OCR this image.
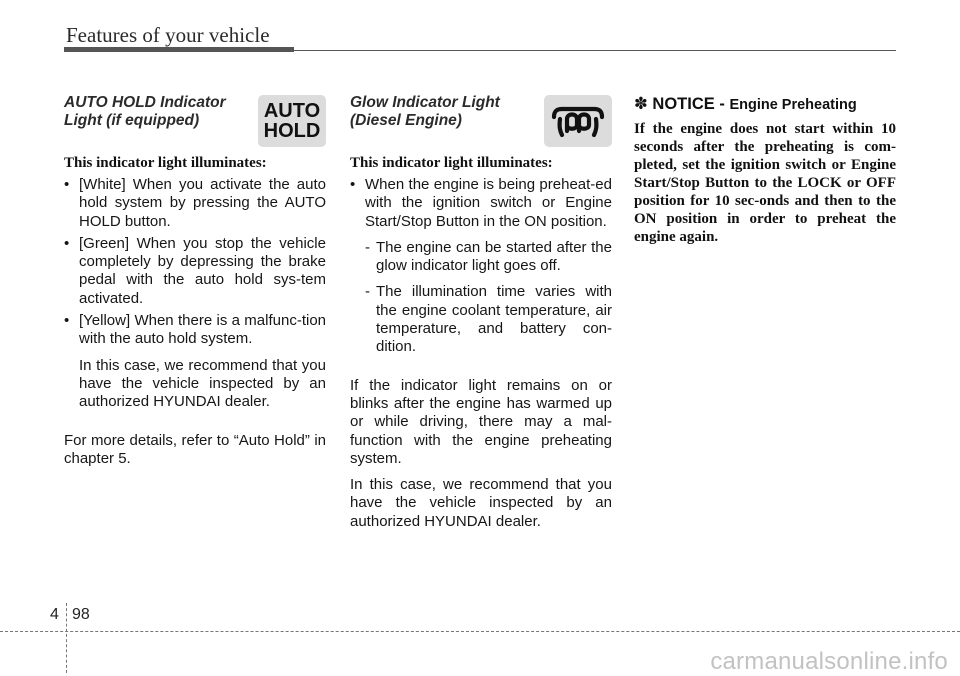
Features of your vehicle
AUTO HOLD Indicator Light (if equipped)	AUTO
HOLD
This indicator light illuminates:
• [White] When you activate the auto hold system by pressing the AUTO HOLD button.
• [Green] When you stop the vehicle completely by depressing the brake pedal with the auto hold sys-tem activated.
• [Yellow] When there is a malfunc-tion with the auto hold system.
In this case, we recommend that you have the vehicle inspected by an authorized HYUNDAI dealer.
For more details, refer to “Auto Hold” in chapter 5.
Glow Indicator Light (Diesel Engine)
This indicator light illuminates:
• When the engine is being preheat-ed with the ignition switch or Engine Start/Stop Button in the ON position.
- The engine can be started after the glow indicator light goes off.
- The illumination time varies with the engine coolant temperature, air temperature, and battery con-dition.
If the indicator light remains on or blinks after the engine has warmed up or while driving, there may a mal-function with the engine preheating system.
In this case, we recommend that you have the vehicle inspected by an authorized HYUNDAI dealer.
✽ NOTICE - Engine Preheating
If the engine does not start within 10 seconds after the preheating is com-pleted, set the ignition switch or Engine Start/Stop Button to the LOCK or OFF position for 10 sec-onds and then to the ON position in order to preheat the engine again.
4 98
carmanualsonline.info
